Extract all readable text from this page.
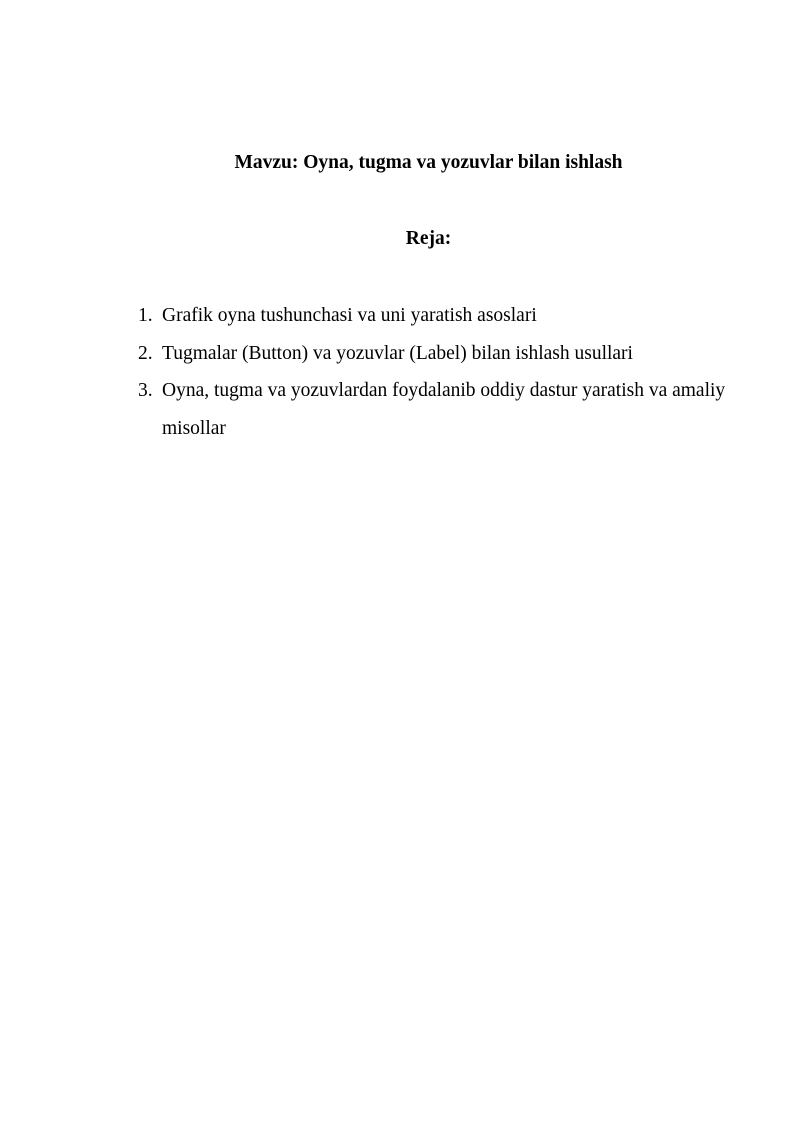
Mavzu: Oyna, tugma va yozuvlar bilan ishlash
Reja:
1. Grafik oyna tushunchasi va uni yaratish asoslari
2. Tugmalar (Button) va yozuvlar (Label) bilan ishlash usullari
3. Oyna, tugma va yozuvlardan foydalanib oddiy dastur yaratish va amaliy misollar
